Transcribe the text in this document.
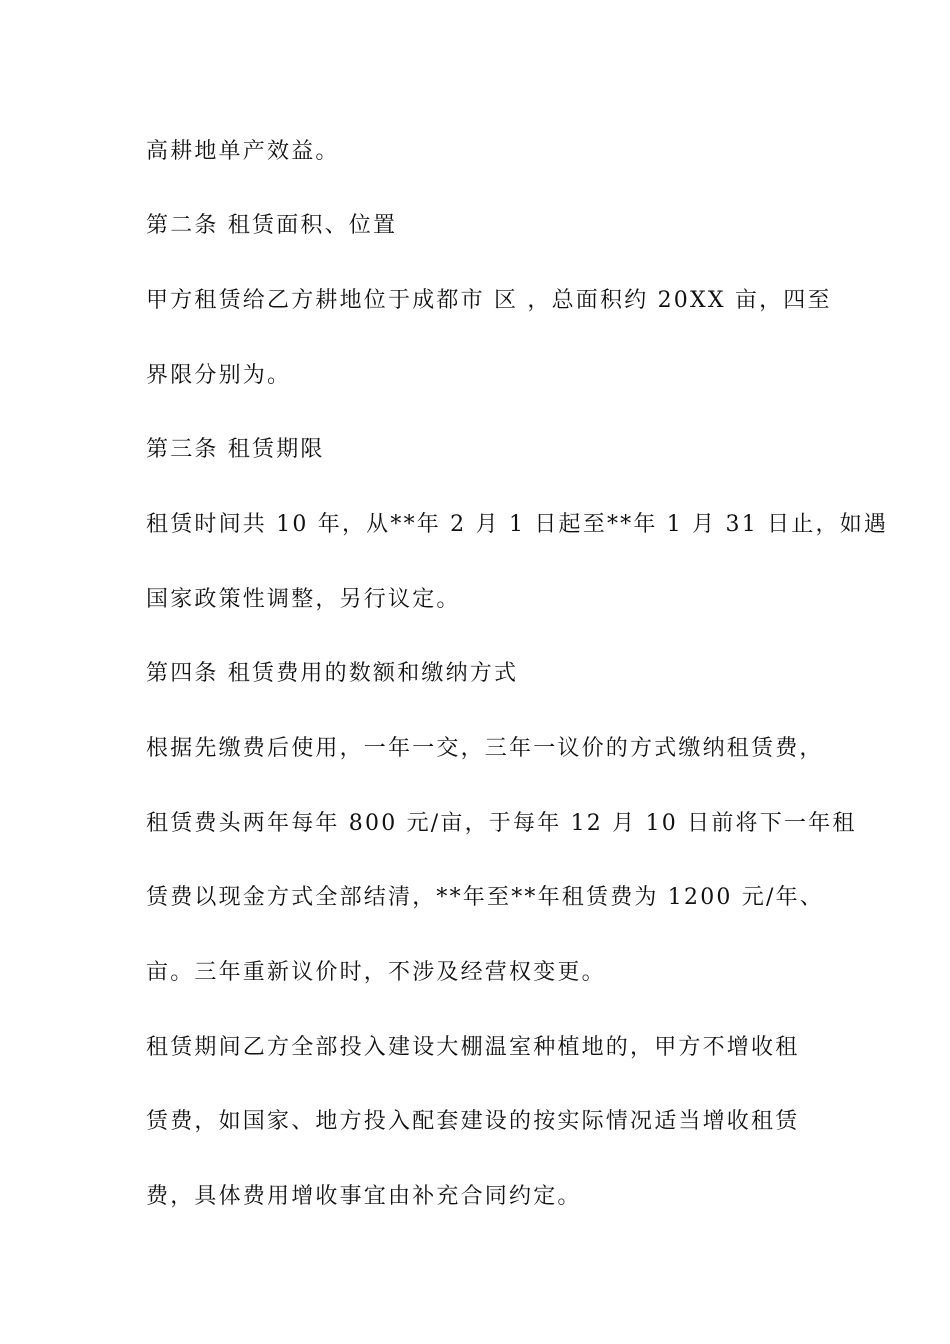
高耕地单产效益。
第二条 租赁面积、位置
甲方租赁给乙方耕地位于成都市 区 ，总面积约 20XX 亩，四至
界限分别为。
第三条 租赁期限
租赁时间共 10 年，从**年 2 月 1 日起至**年 1 月 31 日止，如遇
国家政策性调整，另行议定。
第四条 租赁费用的数额和缴纳方式
根据先缴费后使用，一年一交，三年一议价的方式缴纳租赁费，
租赁费头两年每年 800 元/亩，于每年 12 月 10 日前将下一年租
赁费以现金方式全部结清，**年至**年租赁费为 1200 元/年、
亩。三年重新议价时，不涉及经营权变更。
租赁期间乙方全部投入建设大棚温室种植地的，甲方不增收租
赁费，如国家、地方投入配套建设的按实际情况适当增收租赁
费，具体费用增收事宜由补充合同约定。
